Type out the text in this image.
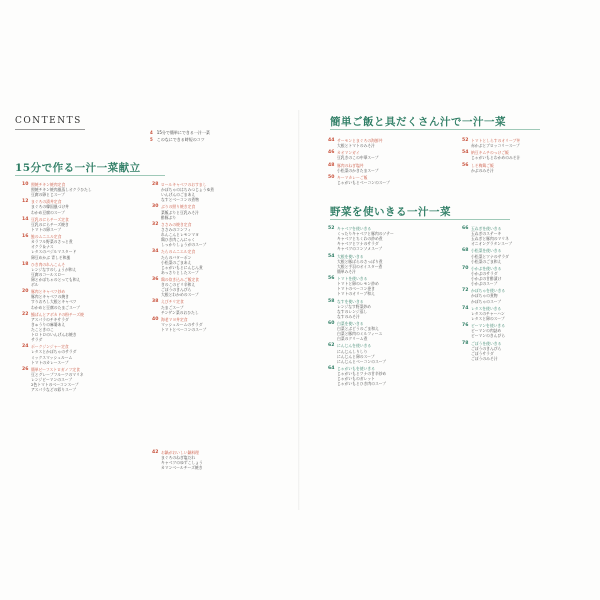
CONTENTS
4 15分で簡単にできる一汁一菜
5 このなにできる時短のコツ
15分で作る一汁一菜献立
10 照焼チキン焼肉定食
照焼チキン焼肉風蒸しオクラひたし
豆腐の卵とじスープ
12 まぐろの漬丼定食
まぐろの韓国風づけ丼
わかめ豆腐のスープ
14 豆乳のにらチーズ定食
豆乳のにらチーズ焼き
トマトの卵スープ
16 鮭のムニエル定食
カラフル野菜のさっと煮
オクラ＆ナス
レタスのバジルマスタード
卵豆めかぶ 青しそ和風
18 ひき肉のれんこんそ
レンジなすのしょうが和え
豆腐のコールスロー
卵とかぼちゃのとっても和え
ボル
20 豚肉とキャベツ炒め
豚肉とキャベツの焼き
すりおろし大根とキャベツ
わかめと豆腐のたまごスープ
22 鯖ぱんとアボカドの粉チーズ焼
アスパラのチキサラダ
きゅうりの麻婆あえ
たこときのこ
トロトロのいんげんお焼き
サラダ
24 ポークジンジャー定食
レタスとかぼちゃのサラダ
ミックスマッシュルーム
トマトのカレースープ
26 簡単ビーフストロガノフ定食
豆とグレープフルーツのマリネ
レンジピーマンのスープ
2色トマトのベーコンスープ
アスパラなどの彩りスープ
28 ロールキャベツのおすまし
かぼちゃのはちみつじょうゆ煮
いんげんのごまあえ
なすとベーコンの煮物
30 ぶりの照り焼き定食
菜飯ぶりと豆乳みそ汁
酢豚ぶり
32 ささみの焼き定食
ささみのコンフィ
れんこんとレモンマヨ
鶏ひき肉こんにゃく
しっかりしょうがのスープ
34 たらのムニエル定食
たらのバターポン
小松菜のごまあえ
じゃがいもとにんじん煮
あっさりとしたスープ
36 鶏の炊き込みご飯定食
きのこのピリ辛和え
ごぼうのきんぴら
大根とわかめのスープ
38 えびチリ定食
たまごスープ
チンゲン菜のおひたし
40 海老マヨ丼定食
マッシュルームのサラダ
トマトとベーコンのスープ
42 お鍋がおいしい鍋料理
まぐろのねぎ塩だれ
キャベツのゆずこしょう
カマンベールチーズ焼き
簡単ご飯と具だくさん汁で一汁一菜
44 サーモンとまぐろの海鮮丼
大根とトマトのみそ汁
46 カオマンガイ
豆乳きのこの中華スープ
48 豚肉のねぎ塩丼
小松菜のかきたまスープ
50 キーマカレーご飯
じゃがいもとベーコンのスープ
52 トマトとしらすのオリーブ丼
赤かぶとブロッコリースープ
54 納豆キムチのっけご飯
じゃがいもとわかめのみそ汁
56 しそ梅鶏ご飯
かぶのみそ汁
野菜を使いきる一汁一菜
52 キャベツを使いきる
くったりキャベツと豚肉のソテー
キャベツとちくわの炒め煮
キャベツとツナのサラダ
キャベツのコンソメスープ
54 大根を使いきる
大根と豚ばらのさっぱり煮
大根と手羽のオイスター煮
簡単みそ汁
56 トマトを使いきる
トマトと卵のレモン炒め
トマトのベーコン巻き
トマトのオリーブ和え
58 なすを使いきる
レンジなす野菜炒め
なすのレンジ蒸し
なすのみそ汁
60 白菜を使いきる
白菜とぶどうのごま和え
白菜と豚肉のミルフィーユ
白菜のクリーム煮
62 にんじんを使いきる
にんじんしりしり
にんじんと卵のスープ
にんじんとベーコンのスープ
64 じゃがいもを使いきる
じゃがいもとツナの甘辛炒め
じゃがいものガレット
じゃがいもとひき肉のスープ
66 玉ねぎを使いきる
玉ねぎのステーキ
玉ねぎと豚肉のマリネ
オニオングラタンスープ
68 小松菜を使いきる
小松菜とツナのサラダ
小松菜のごま和え
70 小かぶを使いきる
小かぶのサラダ
小かぶの甘酢漬け
小かぶのスープ
72 かぼちゃを使いきる
かぼちゃの煮物
かぼちゃのスープ
74 レタスを使いきる
レタスのチャーハン
レタスと卵のスープ
76 ピーマンを使いきる
ピーマンの肉詰め
ピーマンのきんぴら
78 ごぼうを使いきる
ごぼうのきんぴら
ごぼうサラダ
ごぼうのみそ汁
